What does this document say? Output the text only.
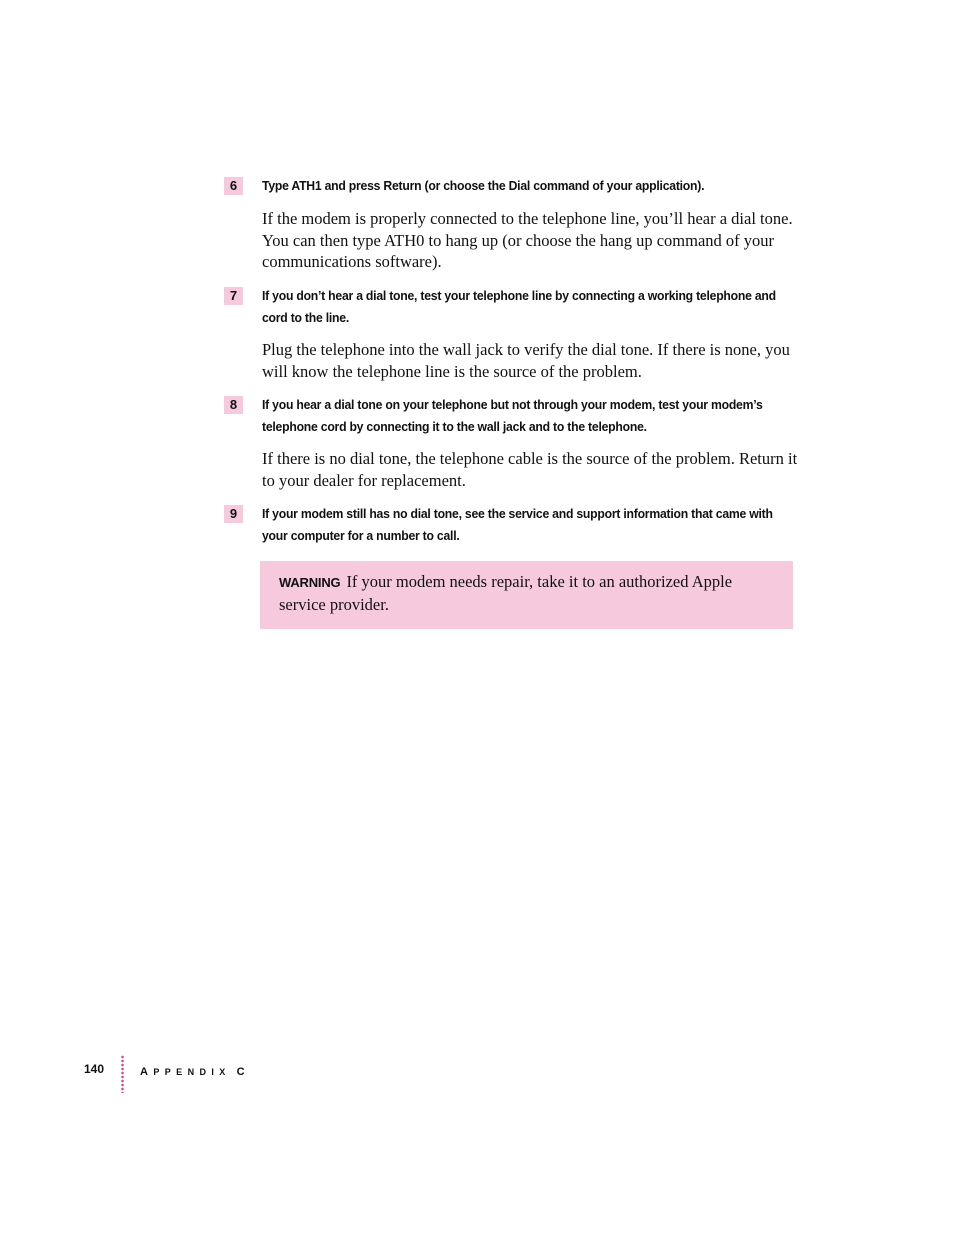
6	Type ATH1 and press Return (or choose the Dial command of your application).
If the modem is properly connected to the telephone line, you’ll hear a dial tone. You can then type ATH0 to hang up (or choose the hang up command of your communications software).
7	If you don’t hear a dial tone, test your telephone line by connecting a working telephone and cord to the line.
Plug the telephone into the wall jack to verify the dial tone. If there is none, you will know the telephone line is the source of the problem.
8	If you hear a dial tone on your telephone but not through your modem, test your modem’s telephone cord by connecting it to the wall jack and to the telephone.
If there is no dial tone, the telephone cable is the source of the problem. Return it to your dealer for replacement.
9	If your modem still has no dial tone, see the service and support information that came with your computer for a number to call.
WARNING If your modem needs repair, take it to an authorized Apple service provider.
140	APPENDIX C
